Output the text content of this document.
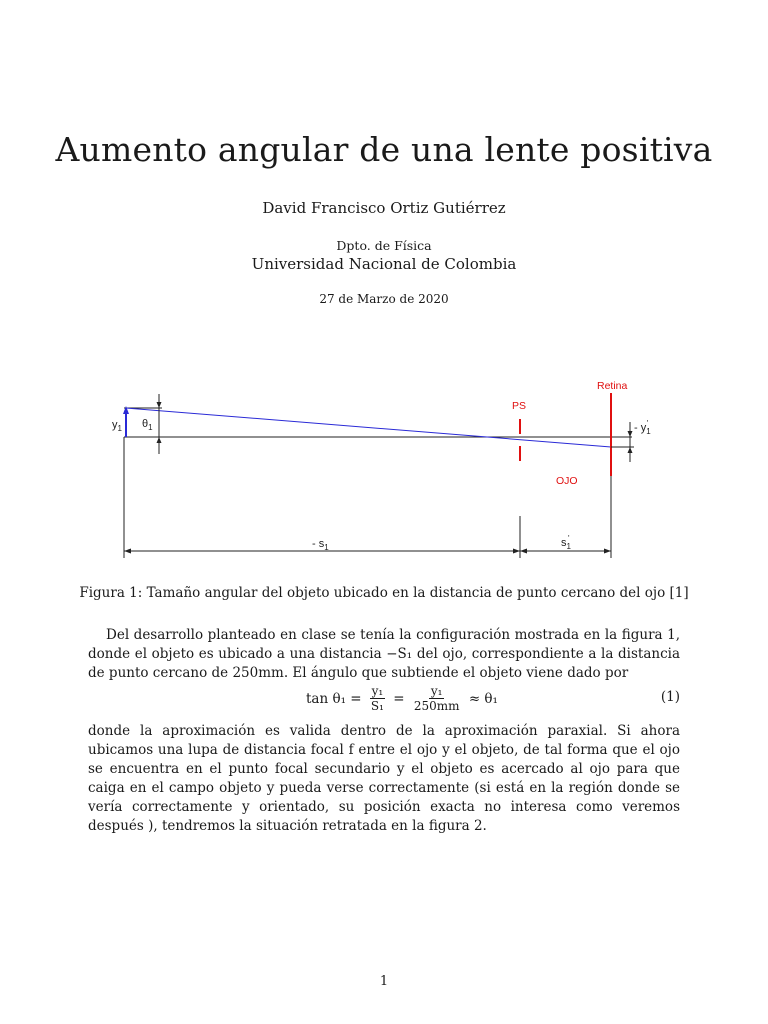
Aumento angular de una lente positiva
David Francisco Ortiz Gutiérrez
Dpto. de Física
Universidad Nacional de Colombia
27 de Marzo de 2020
Retina
PS
OJO
$y_1$ $\theta_1$	- $y_1'$
- $s_1$	$s_1'$
Figura 1: Tamaño angular del objeto ubicado en la distancia de punto cercano del ojo [1]

Del desarrollo planteado en clase se tenía la configuración mostrada en la figura 1, donde el objeto es ubicado a una distancia −S₁ del ojo, correspondiente a la distancia de punto cercano de 250mm. El ángulo que subtiende el objeto viene dado por

$\tan \theta_1 = \frac{\text{y₁}}{\text{S₁}} = \frac{\text{y₁}}{250mm} \approx \theta_1$	(1)

donde la aproximación es valida dentro de la aproximación paraxial. Si ahora ubicamos una lupa de distancia focal f entre el ojo y el objeto, de tal forma que el ojo se encuentra en el punto focal secundario y el objeto es acercado al ojo para que caiga en el campo objeto y pueda verse correctamente (si está en la región donde se vería correctamente y orientado, su posición exacta no interesa como veremos después ), tendremos la situación retratada en la figura 2.

1
